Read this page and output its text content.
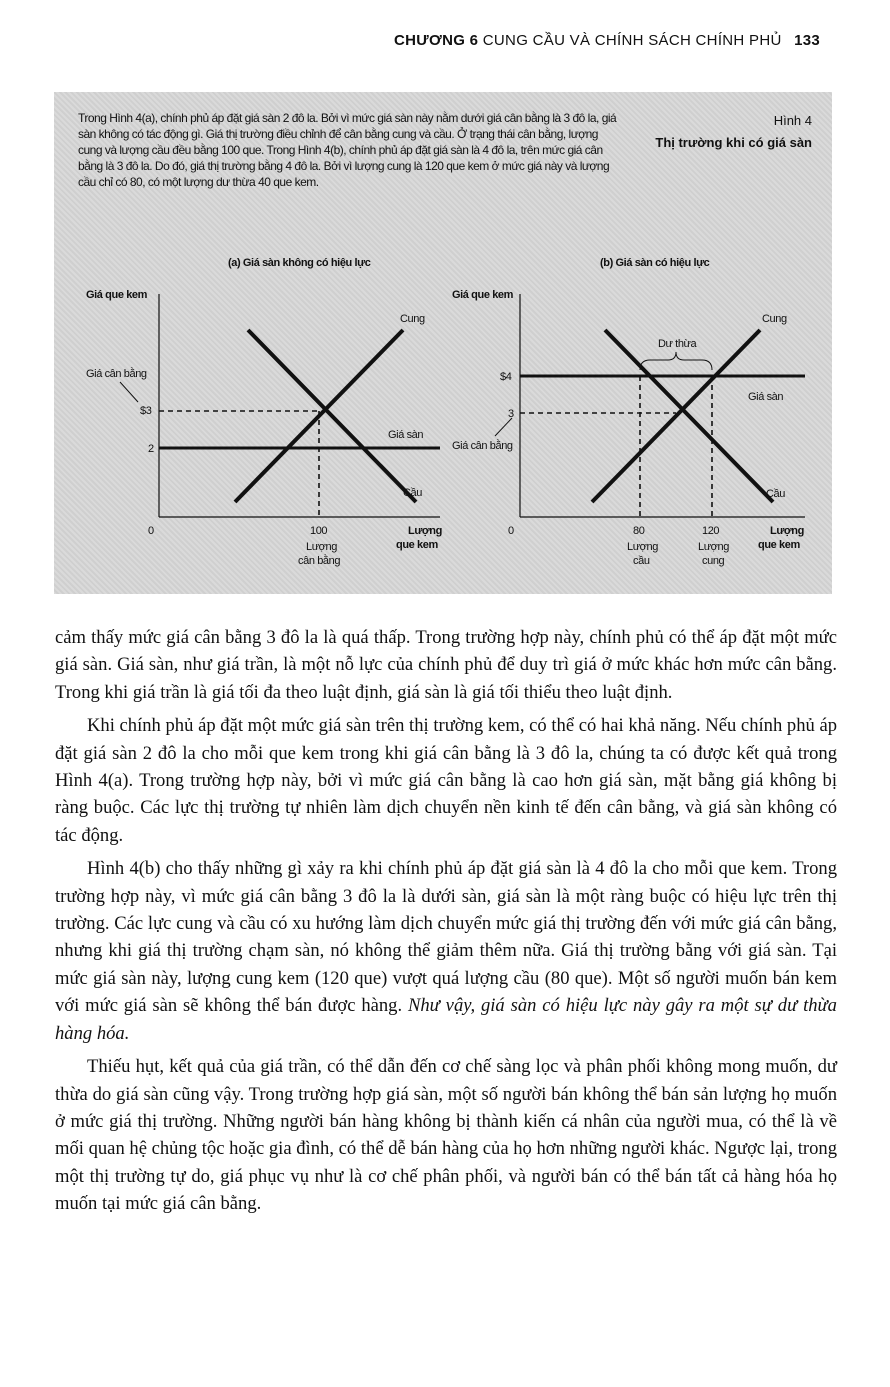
CHƯƠNG 6 CUNG CẦU VÀ CHÍNH SÁCH CHÍNH PHỦ 133
Trong Hình 4(a), chính phủ áp đặt giá sàn 2 đô la. Bởi vì mức giá sàn này nằm dưới giá cân bằng là 3 đô la, giá sàn không có tác động gì. Giá thị trường điều chỉnh để cân bằng cung và cầu. Ở trạng thái cân bằng, lượng cung và lượng cầu đều bằng 100 que. Trong Hình 4(b), chính phủ áp đặt giá sàn là 4 đô la, trên mức giá cân bằng là 3 đô la. Do đó, giá thị trường bằng 4 đô la. Bởi vì lượng cung là 120 que kem ở mức giá này và lượng cầu chỉ có 80, có một lượng dư thừa 40 que kem.
Hình 4
Thị trường khi có giá sàn
(a) Giá sàn không có hiệu lực
Giá que kem
Giá cân bằng
$3
2
0	100
Lượng
cân bằng
Lượng
que kem
Cung
Cầu
Giá sàn
(b) Giá sàn có hiệu lực
Giá que kem
Dư thừa
$4
3
Giá cân bằng
0	80	120
Lượng
cầu
Lượng
cung
Lượng
que kem
Cung
Cầu
Giá sàn

cảm thấy mức giá cân bằng 3 đô la là quá thấp. Trong trường hợp này, chính phủ có thể áp đặt một mức giá sàn. Giá sàn, như giá trần, là một nỗ lực của chính phủ để duy trì giá ở mức khác hơn mức cân bằng. Trong khi giá trần là giá tối đa theo luật định, giá sàn là giá tối thiểu theo luật định.

Khi chính phủ áp đặt một mức giá sàn trên thị trường kem, có thể có hai khả năng. Nếu chính phủ áp đặt giá sàn 2 đô la cho mỗi que kem trong khi giá cân bằng là 3 đô la, chúng ta có được kết quả trong Hình 4(a). Trong trường hợp này, bởi vì mức giá cân bằng là cao hơn giá sàn, mặt bằng giá không bị ràng buộc. Các lực thị trường tự nhiên làm dịch chuyển nền kinh tế đến cân bằng, và giá sàn không có tác động.

Hình 4(b) cho thấy những gì xảy ra khi chính phủ áp đặt giá sàn là 4 đô la cho mỗi que kem. Trong trường hợp này, vì mức giá cân bằng 3 đô la là dưới sàn, giá sàn là một ràng buộc có hiệu lực trên thị trường. Các lực cung và cầu có xu hướng làm dịch chuyển mức giá thị trường đến với mức giá cân bằng, nhưng khi giá thị trường chạm sàn, nó không thể giảm thêm nữa. Giá thị trường bằng với giá sàn. Tại mức giá sàn này, lượng cung kem (120 que) vượt quá lượng cầu (80 que). Một số người muốn bán kem với mức giá sàn sẽ không thể bán được hàng. Như vậy, giá sàn có hiệu lực này gây ra một sự dư thừa hàng hóa.

Thiếu hụt, kết quả của giá trần, có thể dẫn đến cơ chế sàng lọc và phân phối không mong muốn, dư thừa do giá sàn cũng vậy. Trong trường hợp giá sàn, một số người bán không thể bán sản lượng họ muốn ở mức giá thị trường. Những người bán hàng không bị thành kiến cá nhân của người mua, có thể là về mối quan hệ chủng tộc hoặc gia đình, có thể dễ bán hàng của họ hơn những người khác. Ngược lại, trong một thị trường tự do, giá phục vụ như là cơ chế phân phối, và người bán có thể bán tất cả hàng hóa họ muốn tại mức giá cân bằng.
